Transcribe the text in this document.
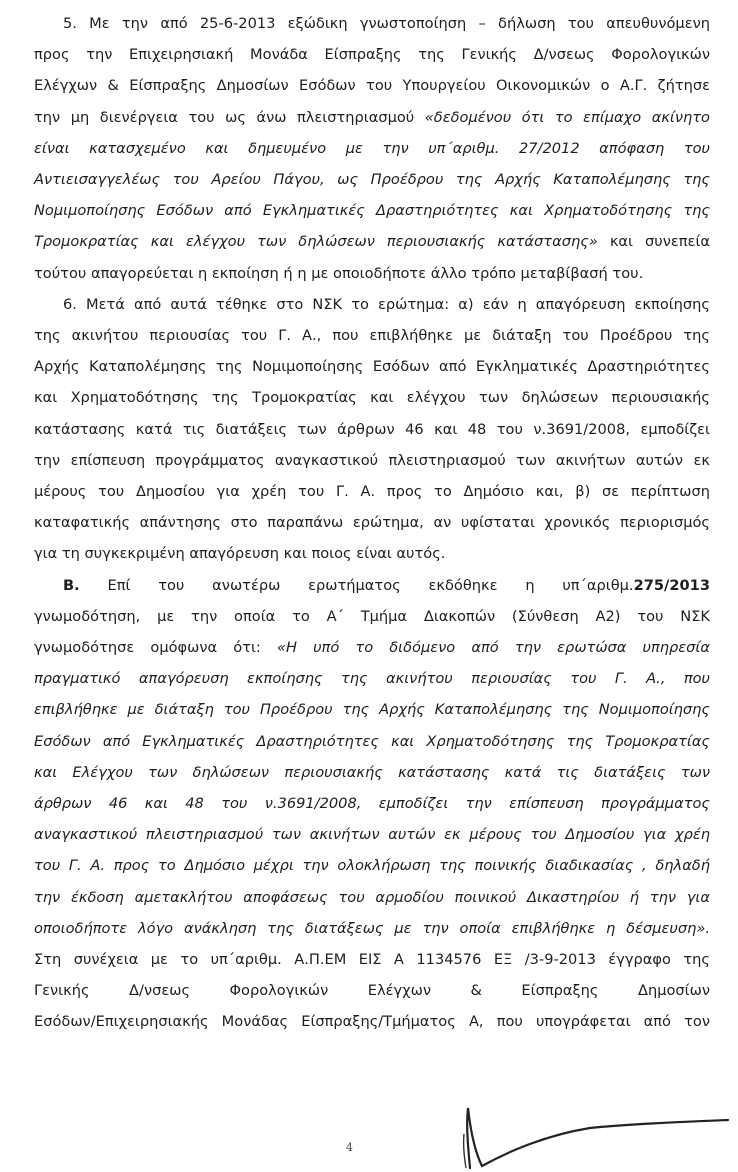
5. Με την από 25-6-2013 εξώδικη γνωστοποίηση – δήλωση του απευθυνόμενη
προς την Επιχειρησιακή Μονάδα Είσπραξης της Γενικής Δ/νσεως Φορολογικών
Ελέγχων & Είσπραξης Δημοσίων Εσόδων του Υπουργείου Οικονομικών ο Α.Γ. ζήτησε
την μη διενέργεια του ως άνω πλειστηριασμού «δεδομένου ότι το επίμαχο ακίνητο
είναι κατασχεμένο και δημευμένο με την υπ΄αριθμ. 27/2012 απόφαση του
Αντιεισαγγελέως του Αρείου Πάγου, ως Προέδρου της Αρχής Καταπολέμησης της
Νομιμοποίησης Εσόδων από Εγκληματικές Δραστηριότητες και Χρηματοδότησης της
Τρομοκρατίας και ελέγχου των δηλώσεων περιουσιακής κατάστασης» και συνεπεία
τούτου απαγορεύεται η εκποίηση ή η με οποιοδήποτε άλλο τρόπο μεταβίβασή του.
6. Μετά από αυτά τέθηκε στο ΝΣΚ το ερώτημα: α) εάν η απαγόρευση εκποίησης
της ακινήτου περιουσίας του Γ. Α., που επιβλήθηκε με διάταξη του Προέδρου της
Αρχής Καταπολέμησης της Νομιμοποίησης Εσόδων από Εγκληματικές Δραστηριότητες
και Χρηματοδότησης της Τρομοκρατίας και ελέγχου των δηλώσεων περιουσιακής
κατάστασης κατά τις διατάξεις των άρθρων 46 και 48 του ν.3691/2008, εμποδίζει
την επίσπευση προγράμματος αναγκαστικού πλειστηριασμού των ακινήτων αυτών εκ
μέρους του Δημοσίου για χρέη του Γ. Α. προς το Δημόσιο και, β) σε περίπτωση
καταφατικής απάντησης στο παραπάνω ερώτημα, αν υφίσταται χρονικός περιορισμός
για τη συγκεκριμένη απαγόρευση και ποιος είναι αυτός.
Β. Επί του ανωτέρω ερωτήματος εκδόθηκε η υπ΄αριθμ.275/2013
γνωμοδότηση, με την οποία το Α΄ Τμήμα Διακοπών (Σύνθεση Α2) του ΝΣΚ
γνωμοδότησε ομόφωνα ότι: «Η υπό το διδόμενο από την ερωτώσα υπηρεσία
πραγματικό απαγόρευση εκποίησης της ακινήτου περιουσίας του Γ. Α., που
επιβλήθηκε με διάταξη του Προέδρου της Αρχής Καταπολέμησης της Νομιμοποίησης
Εσόδων από Εγκληματικές Δραστηριότητες και Χρηματοδότησης της Τρομοκρατίας
και Ελέγχου των δηλώσεων περιουσιακής κατάστασης κατά τις διατάξεις των
άρθρων 46 και 48 του ν.3691/2008, εμποδίζει την επίσπευση προγράμματος
αναγκαστικού πλειστηριασμού των ακινήτων αυτών εκ μέρους του Δημοσίου για χρέη
του Γ. Α. προς το Δημόσιο μέχρι την ολοκλήρωση της ποινικής διαδικασίας , δηλαδή
την έκδοση αμετακλήτου αποφάσεως του αρμοδίου ποινικού Δικαστηρίου ή την για
οποιοδήποτε λόγο ανάκληση της διατάξεως με την οποία επιβλήθηκε η δέσμευση».
Στη συνέχεια με το υπ΄αριθμ. Α.Π.ΕΜ ΕΙΣ Α 1134576 ΕΞ /3-9-2013 έγγραφο της
Γενικής Δ/νσεως Φορολογικών Ελέγχων & Είσπραξης Δημοσίων
Εσόδων/Επιχειρησιακής Μονάδας Είσπραξης/Τμήματος Α, που υπογράφεται από τον
4
